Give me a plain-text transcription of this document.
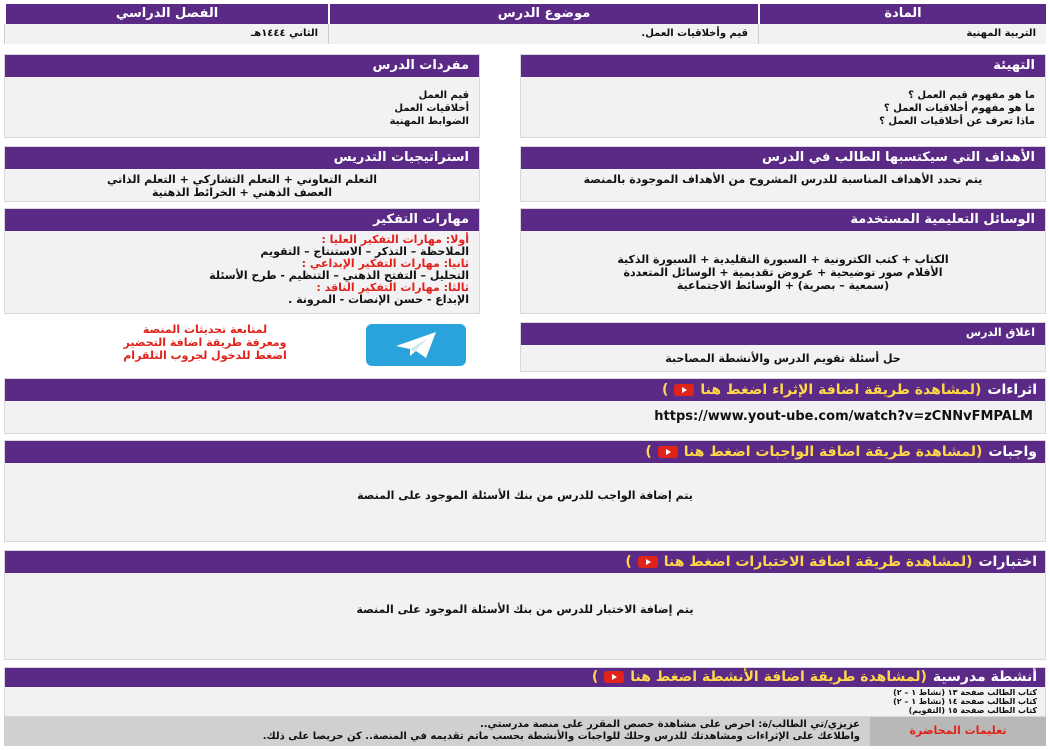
المادة
التربية المهنية
موضوع الدرس
قيم وأخلاقيات العمل.
الفصل الدراسي
الثاني ١٤٤٤هـ
التهيئة
ما هو مفهوم قيم العمل ؟
ما هو مفهوم أخلاقيات العمل ؟
ماذا تعرف عن أخلاقيات العمل ؟
مفردات الدرس
قيم العمل
أخلاقيات العمل
الضوابط المهنية
الأهداف التي سيكتسبها الطالب في الدرس
يتم تحدد الأهداف المناسبة للدرس المشروح من الأهداف الموجودة بالمنصة
استراتيجيات التدريس
التعلم التعاوني + التعلم التشاركي + التعلم الذاتي
العصف الذهني + الخرائط الذهنية
الوسائل التعليمية المستخدمة
الكتاب + كتب الكترونية + السبورة التقليدية + السبورة الذكية
الأقلام صور توضيحية + عروض تقديمية + الوسائل المتعددة
(سمعية – بصرية) + الوسائط الاجتماعية
مهارات التفكير
أولا: مهارات التفكير العليا :
الملاحظة – التذكر – الاستنتاج – التقويم
ثانيا: مهارات التفكير الإبداعي :
التحليل – التفتح الذهني – التنظيم - طرح الأسئلة
ثالثا: مهارات التفكير الناقد :
الإبداع - حسن الإنصات - المرونة .
لمتابعة تحديثات المنصة
ومعرفة طريقة اضافة التحضير
اضغط للدخول لجروب التلقرام
اغلاق الدرس
حل أسئلة تقويم الدرس والأنشطة المصاحبة
اثراءات
(لمشاهدة طريقة اضافة الإثراء اضغط هنا
)
https://www.yout-ube.com/watch?v=zCNNvFMPALM
واجبات
(لمشاهدة طريقة اضافة الواجبات اضغط هنا
)
يتم إضافة الواجب للدرس من بنك الأسئلة الموجود على المنصة
اختبارات
(لمشاهدة طريقة اضافة الاختبارات اضغط هنا
)
يتم إضافة الاختبار للدرس من بنك الأسئلة الموجود على المنصة
أنشطة مدرسية
(لمشاهدة طريقة اضافة الأنشطة اضغط هنا
)
كتاب الطالب صفحة ١٣ (نشاط ١ – ٢)
كتاب الطالب صفحة ١٤ (نشاط ١ – ٢)
كتاب الطالب صفحة ١٥ (التقويم)
تعليمات المحاضرة
عزيزي/تي الطالب/ة: احرص على مشاهدة حصص المقرر على منصة مدرستي..
واطلاعك على الإثراءات ومشاهدتك للدرس وحلك للواجبات والأنشطة بحسب ماتم تقديمه في المنصة.. كن حريصا على ذلك.
